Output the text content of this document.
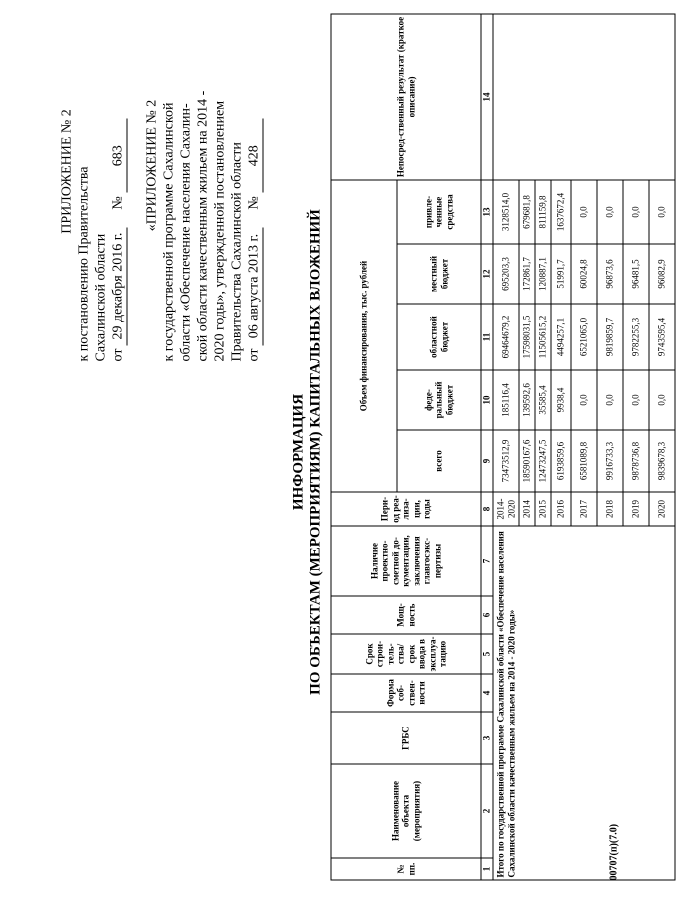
ПРИЛОЖЕНИЕ № 2 к постановлению Правительства Сахалинской области от 29 декабря 2016 г. № 683 «ПРИЛОЖЕНИЕ № 2 к государственной программе Сахалинской области «Обеспечение населения Сахалин- ской области качественным жильем на 2014 - 2020 годы», утвержденной постановлением Правительства Сахалинской области от 06 августа 2013 г. № 428
ИНФОРМАЦИЯ ПО ОБЪЕКТАМ (МЕРОПРИЯТИЯМ) КАПИТАЛЬНЫХ ВЛОЖЕНИЙ
№ пп.	Наименование объекта (мероприятия)	ГРБС	Форма соб-ствен-ности	Срок строи-тель-ства/срок ввода в эксплуа-тацию	Мощ-ность	Наличие проектно-сметной до-кументации, заключения главгосэкс-пертизы	Пери-од реа-лиза-ции, годы	Объем финансирования, тыс. рублей					Непосред-ственный результат (краткое описание)
								всего	феде-ральный бюджет	областной бюджет	местный бюджет	привле-ченные средства	
1	2	3	4	5	6	7	8	9	10	11	12	13	14
Итого по государственной программе Сахалинской области «Обеспечение населения Сахалинской области качественным жильем на 2014 - 2020 годы»							2014-2020	73473512,9	185116,4	69464679,2	695203,3	3128514,0	
							2014	18590167,6	139592,6	17598031,5	172861,7	679681,8	
							2015	12473247,5	35585,4	11505615,2	120887,1	811159,8	
							2016	6193859,6	9938,4	4494257,1	51991,7	1637672,4	
							2017	6581089,8	0,0	6521065,0	60024,8	0,0	
							2018	9916733,3	0,0	9819859,7	96873,6	0,0	
							2019	9878736,8	0,0	9782255,3	96481,5	0,0	
							2020	9839678,3	0,0	9743595,4	96082,9	0,0	
00707(п)(7.0)
